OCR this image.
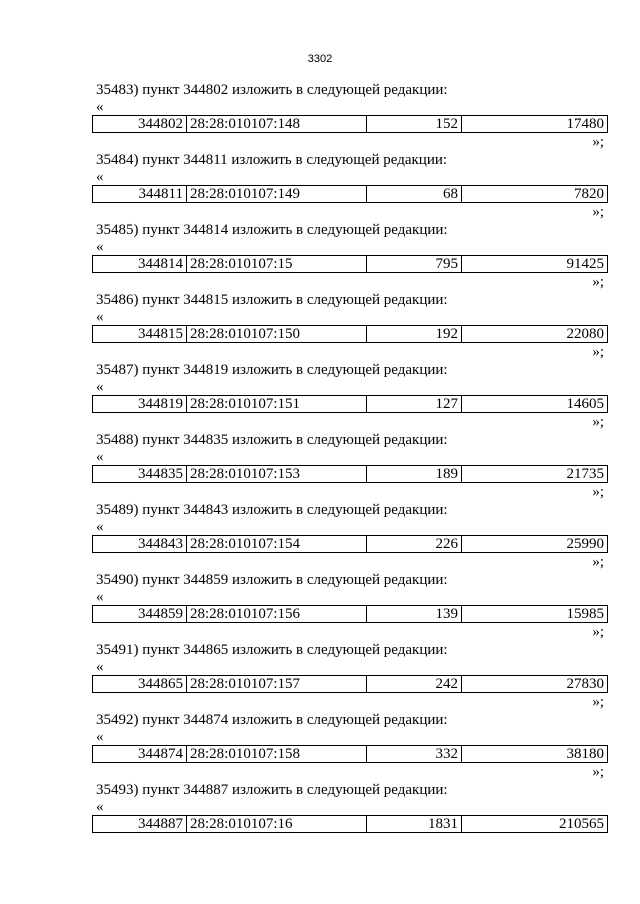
3302
35483) пункт 344802 изложить в следующей редакции:
«
344802 28:28:010107:148	152	17480
»;
35484) пункт 344811 изложить в следующей редакции:
«
344811 28:28:010107:149	68	7820
»;
35485) пункт 344814 изложить в следующей редакции:
«
344814 28:28:010107:15	795	91425
»;
35486) пункт 344815 изложить в следующей редакции:
«
344815 28:28:010107:150	192	22080
»;
35487) пункт 344819 изложить в следующей редакции:
«
344819 28:28:010107:151	127	14605
»;
35488) пункт 344835 изложить в следующей редакции:
«
344835 28:28:010107:153	189	21735
»;
35489) пункт 344843 изложить в следующей редакции:
«
344843 28:28:010107:154	226	25990
»;
35490) пункт 344859 изложить в следующей редакции:
«
344859 28:28:010107:156	139	15985
»;
35491) пункт 344865 изложить в следующей редакции:
«
344865 28:28:010107:157	242	27830
»;
35492) пункт 344874 изложить в следующей редакции:
«
344874 28:28:010107:158	332	38180
»;
35493) пункт 344887 изложить в следующей редакции:
«
344887 28:28:010107:16	1831	210565
